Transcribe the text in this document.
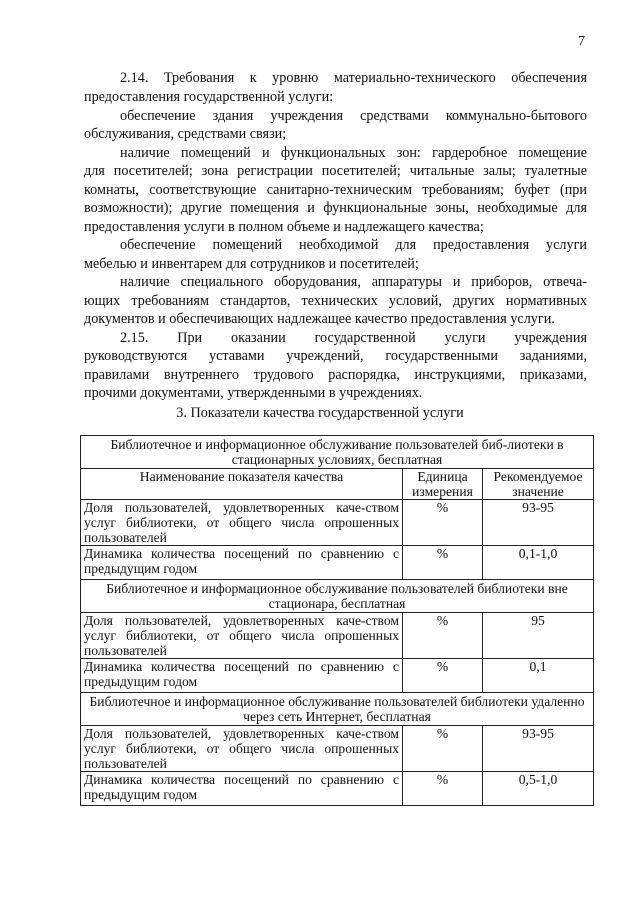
7

2.14. Требования к уровню материально-технического обеспечения

предоставления государственной услуги:

обеспечение здания учреждения средствами коммунально-бытового

обслуживания, средствами связи;

наличие помещений и функциональных зон: гардеробное помещение

для посетителей; зона регистрации посетителей; читальные залы; туалетные

комнаты, соответствующие санитарно-техническим требованиям; буфет (при

возможности); другие помещения и функциональные зоны, необходимые для

предоставления услуги в полном объеме и надлежащего качества;

обеспечение помещений необходимой для предоставления услуги

мебелью и инвентарем для сотрудников и посетителей;

наличие специального оборудования, аппаратуры и приборов, отвеча-

ющих требованиям стандартов, технических условий, других нормативных

документов и обеспечивающих надлежащее качество предоставления услуги.

2.15. При оказании государственной услуги учреждения

руководствуются уставами учреждений, государственными заданиями,

правилами внутреннего трудового распорядка, инструкциями, приказами,

прочими документами, утвержденными в учреждениях.

3. Показатели качества государственной услуги
Библиотечное и информационное обслуживание пользователей биб-лиотеки в стационарных условиях, бесплатная		
Наименование показателя качества	Единица измерения	Рекомендуемое значение
Доля пользователей, удовлетворенных каче-ством услуг библиотеки, от общего числа опрошенных пользователей	%	93-95
Динамика количества посещений по сравнению с предыдущим годом	%	0,1-1,0
Библиотечное и информационное обслуживание пользователей библиотеки вне стационара, бесплатная		
Доля пользователей, удовлетворенных каче-ством услуг библиотеки, от общего числа опрошенных пользователей	%	95
Динамика количества посещений по сравнению с предыдущим годом	%	0,1
Библиотечное и информационное обслуживание пользователей библиотеки удаленно через сеть Интернет, бесплатная		
Доля пользователей, удовлетворенных каче-ством услуг библиотеки, от общего числа опрошенных пользователей	%	93-95
Динамика количества посещений по сравнению с предыдущим годом	%	0,5-1,0
